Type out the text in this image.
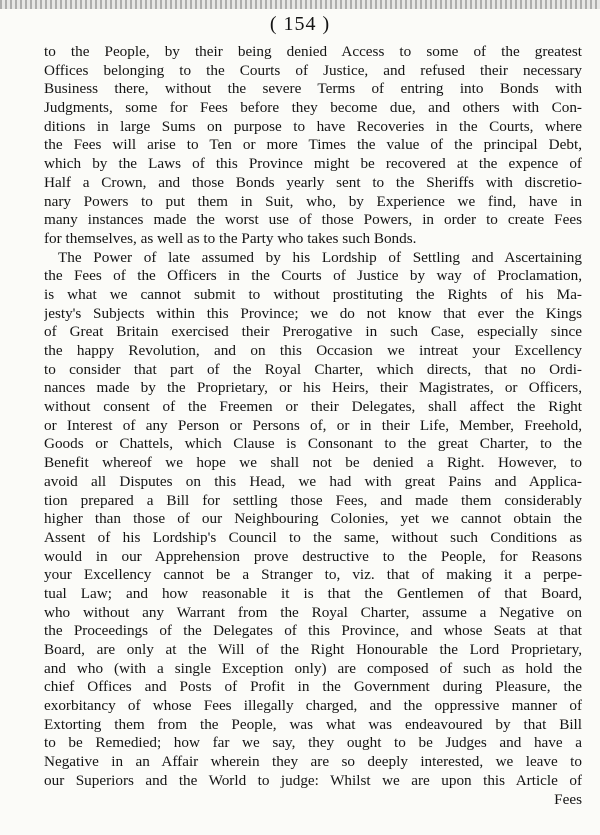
( 154 )
to the People, by their being denied Access to some of the greatest
Offices belonging to the Courts of Justice, and refused their necessary
Business there, without the severe Terms of entring into Bonds with
Judgments, some for Fees before they become due, and others with Con-
ditions in large Sums on purpose to have Recoveries in the Courts, where
the Fees will arise to Ten or more Times the value of the principal Debt,
which by the Laws of this Province might be recovered at the expence of
Half a Crown, and those Bonds yearly sent to the Sheriffs with discretio-
nary Powers to put them in Suit, who, by Experience we find, have in
many instances made the worst use of those Powers, in order to create Fees
for themselves, as well as to the Party who takes such Bonds.
The Power of late assumed by his Lordship of Settling and Ascertaining
the Fees of the Officers in the Courts of Justice by way of Proclamation,
is what we cannot submit to without prostituting the Rights of his Ma-
jesty's Subjects within this Province; we do not know that ever the Kings
of Great Britain exercised their Prerogative in such Case, especially since
the happy Revolution, and on this Occasion we intreat your Excellency
to consider that part of the Royal Charter, which directs, that no Ordi-
nances made by the Proprietary, or his Heirs, their Magistrates, or Officers,
without consent of the Freemen or their Delegates, shall affect the Right
or Interest of any Person or Persons of, or in their Life, Member, Freehold,
Goods or Chattels, which Clause is Consonant to the great Charter, to the
Benefit whereof we hope we shall not be denied a Right. However, to
avoid all Disputes on this Head, we had with great Pains and Applica-
tion prepared a Bill for settling those Fees, and made them considerably
higher than those of our Neighbouring Colonies, yet we cannot obtain the
Assent of his Lordship's Council to the same, without such Conditions as
would in our Apprehension prove destructive to the People, for Reasons
your Excellency cannot be a Stranger to, viz. that of making it a perpe-
tual Law; and how reasonable it is that the Gentlemen of that Board,
who without any Warrant from the Royal Charter, assume a Negative on
the Proceedings of the Delegates of this Province, and whose Seats at that
Board, are only at the Will of the Right Honourable the Lord Proprietary,
and who (with a single Exception only) are composed of such as hold the
chief Offices and Posts of Profit in the Government during Pleasure, the
exorbitancy of whose Fees illegally charged, and the oppressive manner of
Extorting them from the People, was what was endeavoured by that Bill
to be Remedied; how far we say, they ought to be Judges and have a
Negative in an Affair wherein they are so deeply interested, we leave to
our Superiors and the World to judge: Whilst we are upon this Article of
Fees
